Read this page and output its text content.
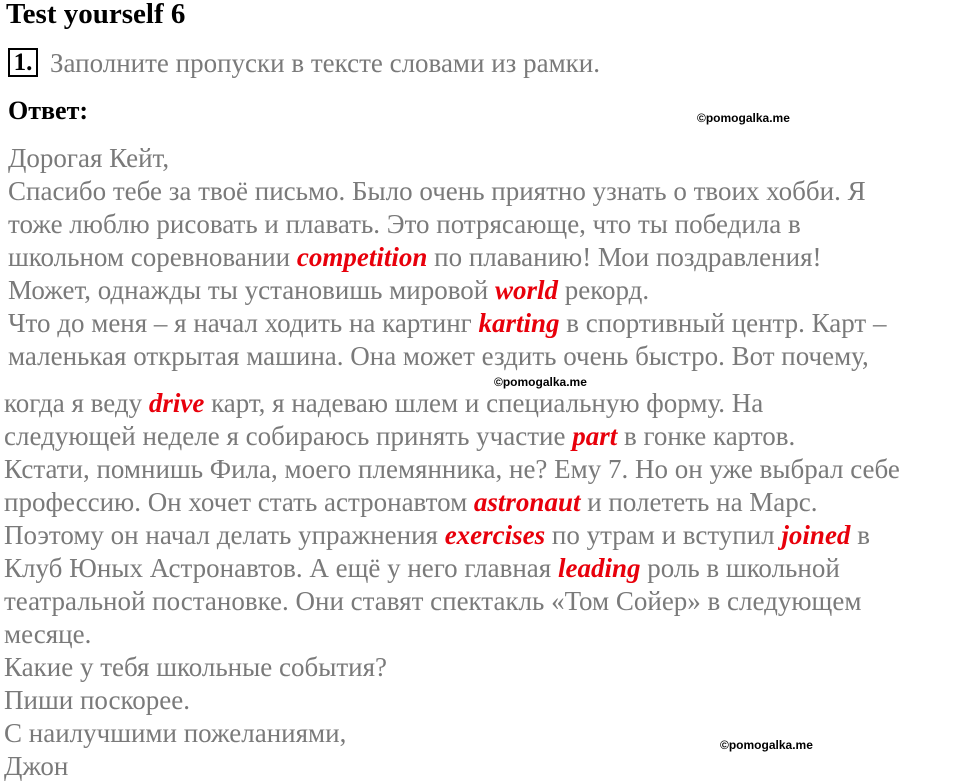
Test yourself 6
1. Заполните пропуски в тексте словами из рамки.
Ответ:	©pomogalka.me
©pomogalka.me
©pomogalka.me
Дорогая Кейт,
Спасибо тебе за твоё письмо. Было очень приятно узнать о твоих хобби. Я
тоже люблю рисовать и плавать. Это потрясающе, что ты победила в
школьном соревновании competition по плаванию! Мои поздравления!
Может, однажды ты установишь мировой world рекорд.
Что до меня – я начал ходить на картинг karting в спортивный центр. Карт –
маленькая открытая машина. Она может ездить очень быстро. Вот почему,
когда я веду drive карт, я надеваю шлем и специальную форму. На
следующей неделе я собираюсь принять участие part в гонке картов.
Кстати, помнишь Фила, моего племянника, не? Ему 7. Но он уже выбрал себе
профессию. Он хочет стать астронавтом astronaut и полететь на Марс.
Поэтому он начал делать упражнения exercises по утрам и вступил joined в
Клуб Юных Астронавтов. А ещё у него главная leading роль в школьной
театральной постановке. Они ставят спектакль «Том Сойер» в следующем
месяце.
Какие у тебя школьные события?
Пиши поскорее.
С наилучшими пожеланиями,
Джон
